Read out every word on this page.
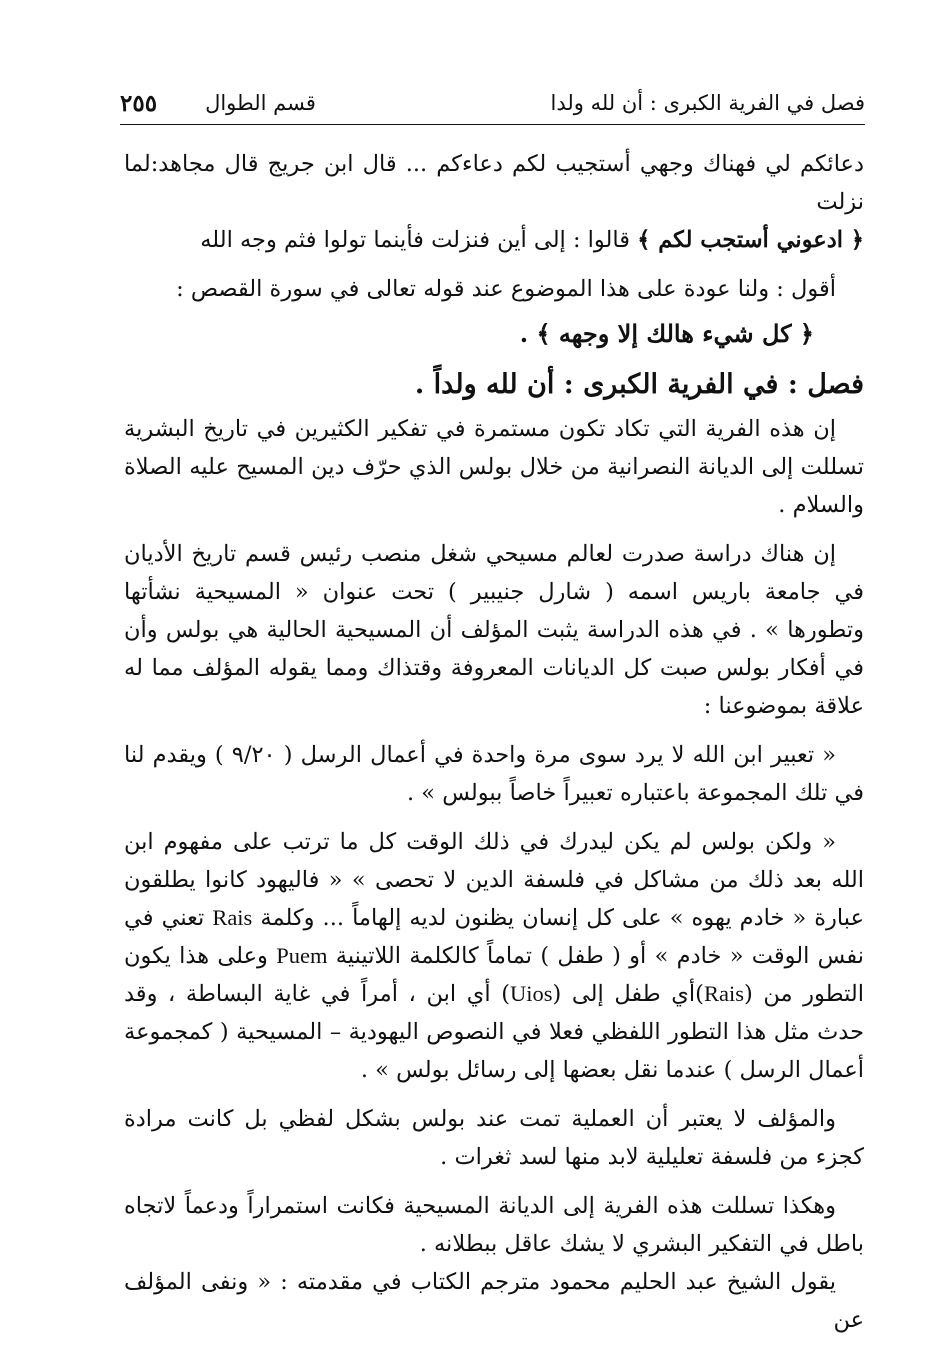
فصل في الفرية الكبرى : أن لله ولدا
قسم الطوال
٢٥٥

دعائكم لي فهناك وجهي أستجيب لكم دعاءكم ... قال ابن جريج قال مجاهد:لما نزلت

﴿ ادعوني أستجب لكم ﴾ قالوا : إلى أين فنزلت فأينما تولوا فثم وجه الله

أقول : ولنا عودة على هذا الموضوع عند قوله تعالى في سورة القصص :

﴿ كل شيء هالك إلا وجهه ﴾ .

فصل : في الفرية الكبرى : أن لله ولداً .

إن هذه الفرية التي تكاد تكون مستمرة في تفكير الكثيرين في تاريخ البشرية تسللت إلى الديانة النصرانية من خلال بولس الذي حرّف دين المسيح عليه الصلاة والسلام .

إن هناك دراسة صدرت لعالم مسيحي شغل منصب رئيس قسم تاريخ الأديان في جامعة باريس اسمه ( شارل جنيبير ) تحت عنوان « المسيحية نشأتها وتطورها » . في هذه الدراسة يثبت المؤلف أن المسيحية الحالية هي بولس وأن في أفكار بولس صبت كل الديانات المعروفة وقتذاك ومما يقوله المؤلف مما له علاقة بموضوعنا :

« تعبير ابن الله لا يرد سوى مرة واحدة في أعمال الرسل ( ٩/٢٠ ) ويقدم لنا في تلك المجموعة باعتباره تعبيراً خاصاً ببولس » .

« ولكن بولس لم يكن ليدرك في ذلك الوقت كل ما ترتب على مفهوم ابن الله بعد ذلك من مشاكل في فلسفة الدين لا تحصى » « فاليهود كانوا يطلقون عبارة « خادم يهوه » على كل إنسان يظنون لديه إلهاماً ... وكلمة Rais تعني في نفس الوقت « خادم » أو ( طفل ) تماماً كالكلمة اللاتينية Puem وعلى هذا يكون التطور من (Rais)أي طفل إلى (Uios) أي ابن ، أمراً في غاية البساطة ، وقد حدث مثل هذا التطور اللفظي فعلا في النصوص اليهودية – المسيحية ( كمجموعة أعمال الرسل ) عندما نقل بعضها إلى رسائل بولس » .

والمؤلف لا يعتبر أن العملية تمت عند بولس بشكل لفظي بل كانت مرادة كجزء من فلسفة تعليلية لابد منها لسد ثغرات .

وهكذا تسللت هذه الفرية إلى الديانة المسيحية فكانت استمراراً ودعماً لاتجاه باطل في التفكير البشري لا يشك عاقل ببطلانه .

يقول الشيخ عبد الحليم محمود مترجم الكتاب في مقدمته : « ونفى المؤلف عن
